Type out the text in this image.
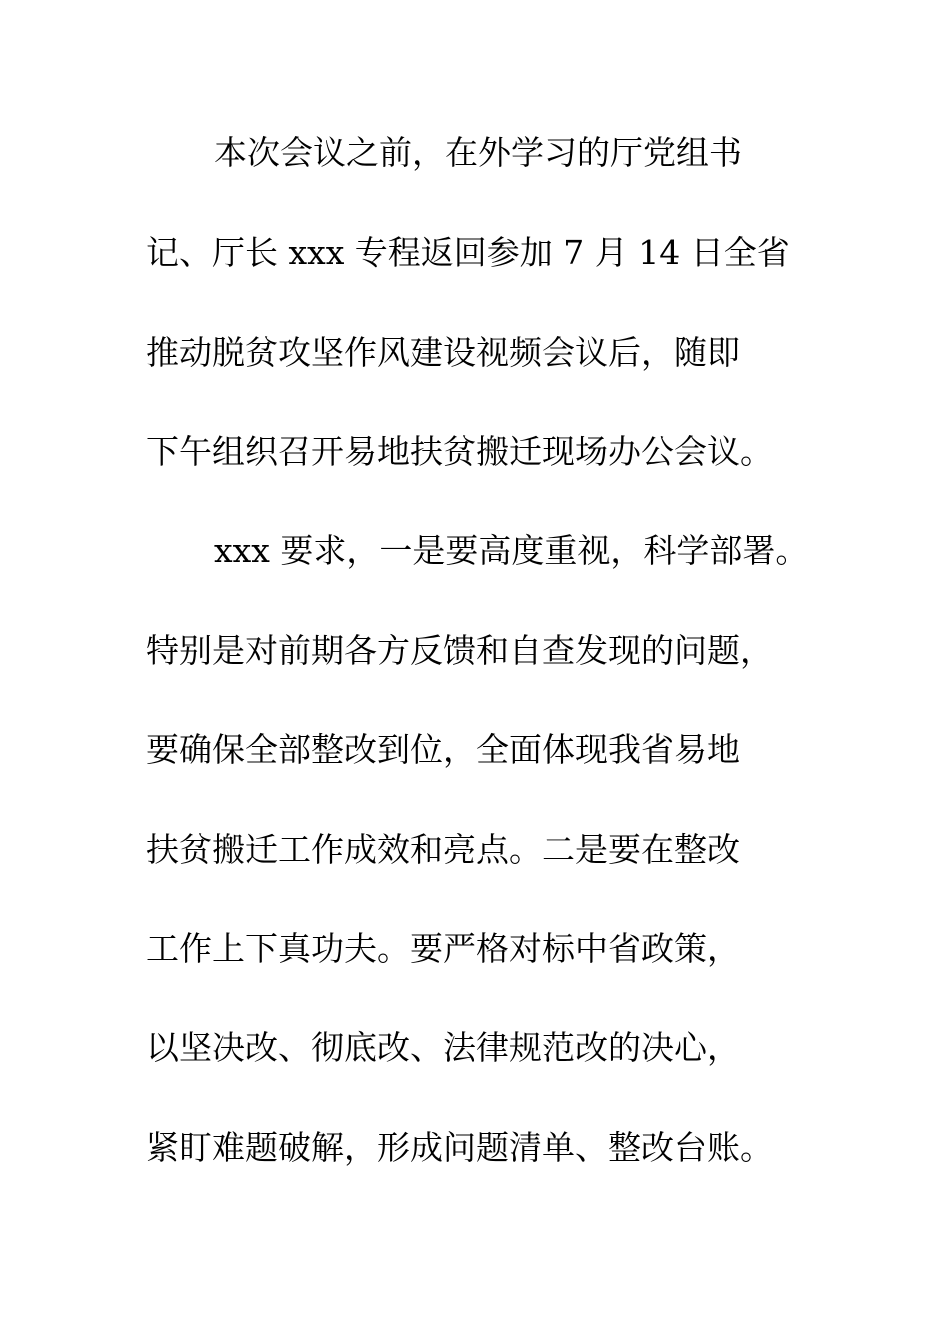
本次会议之前，在外学习的厅党组书
记、厅长 xxx 专程返回参加 7 月 14 日全省
推动脱贫攻坚作风建设视频会议后，随即
下午组织召开易地扶贫搬迁现场办公会议。
xxx 要求，一是要高度重视，科学部署。
特别是对前期各方反馈和自查发现的问题，
要确保全部整改到位，全面体现我省易地
扶贫搬迁工作成效和亮点。二是要在整改
工作上下真功夫。要严格对标中省政策，
以坚决改、彻底改、法律规范改的决心，
紧盯难题破解，形成问题清单、整改台账。
